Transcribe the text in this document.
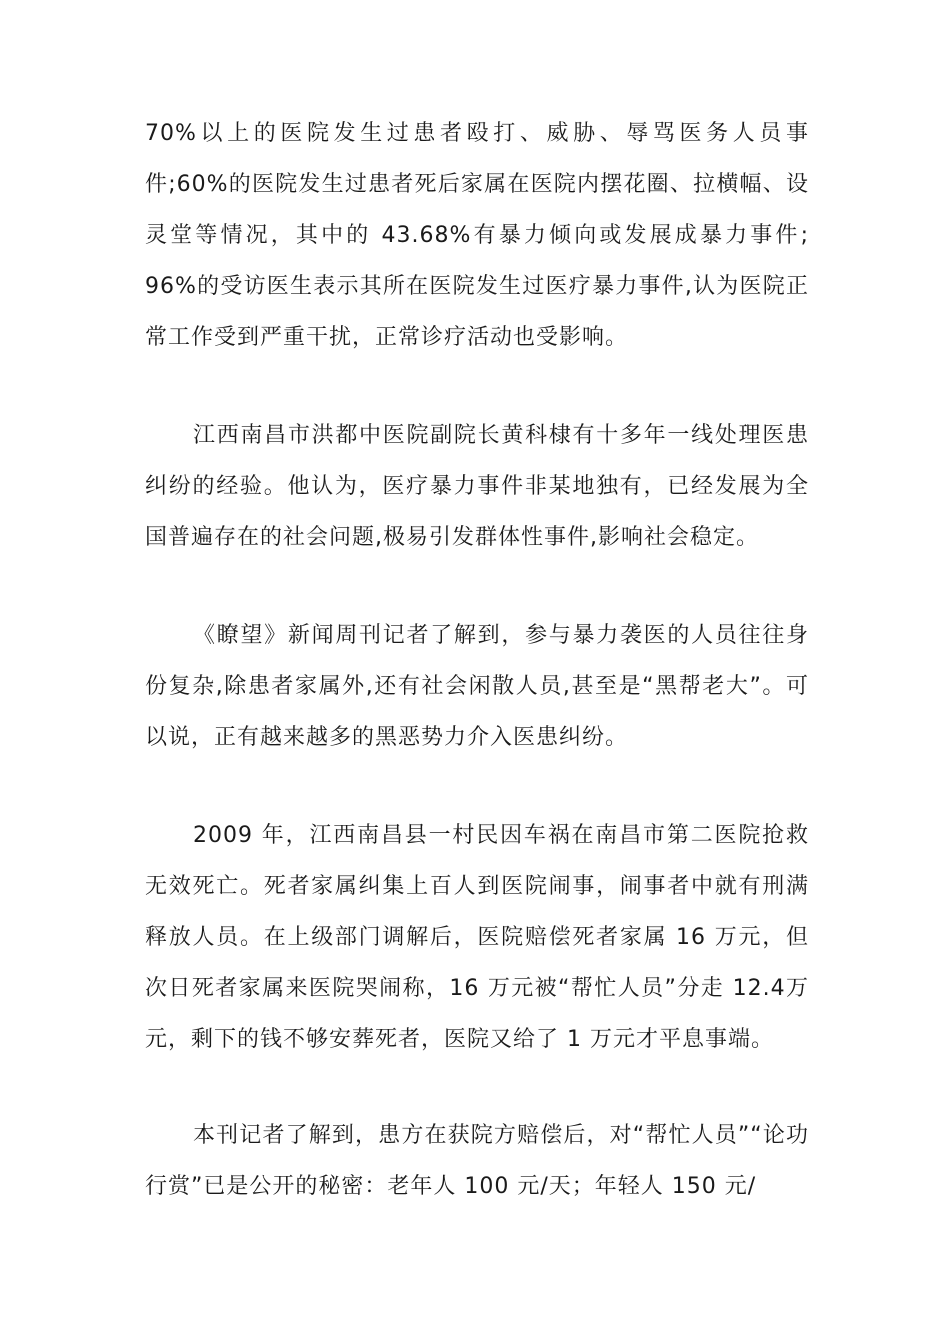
70%以上的医院发生过患者殴打、威胁、辱骂医务人员事件;60%的医院发生过患者死后家属在医院内摆花圈、拉横幅、设灵堂等情况，其中的 43.68%有暴力倾向或发展成暴力事件; 96%的受访医生表示其所在医院发生过医疗暴力事件,认为医院正常工作受到严重干扰，正常诊疗活动也受影响。

江西南昌市洪都中医院副院长黄科棣有十多年一线处理医患纠纷的经验。他认为，医疗暴力事件非某地独有，已经发展为全国普遍存在的社会问题,极易引发群体性事件,影响社会稳定。

《瞭望》新闻周刊记者了解到，参与暴力袭医的人员往往身份复杂,除患者家属外,还有社会闲散人员,甚至是“黑帮老大”。可以说，正有越来越多的黑恶势力介入医患纠纷。

2009 年，江西南昌县一村民因车祸在南昌市第二医院抢救无效死亡。死者家属纠集上百人到医院闹事，闹事者中就有刑满释放人员。在上级部门调解后，医院赔偿死者家属 16 万元，但次日死者家属来医院哭闹称，16 万元被“帮忙人员”分走 12.4万元，剩下的钱不够安葬死者，医院又给了 1 万元才平息事端。

本刊记者了解到，患方在获院方赔偿后，对“帮忙人员”“论功行赏”已是公开的秘密：老年人 100 元/天；年轻人 150 元/
